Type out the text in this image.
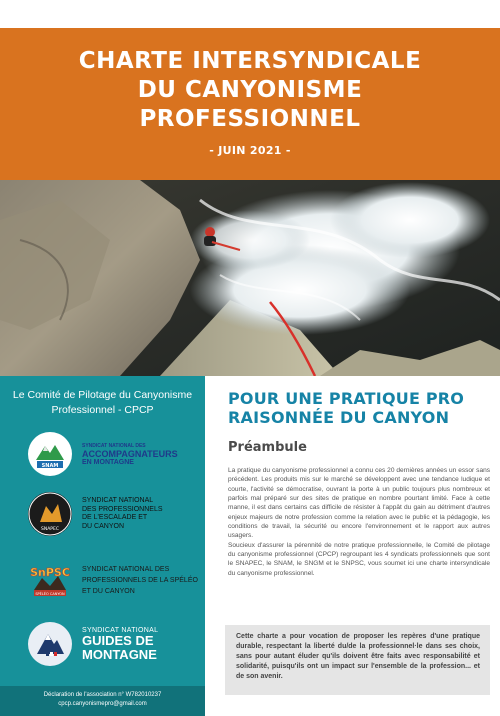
CHARTE INTERSYNDICALE
DU CANYONISME
PROFESSIONNEL
- JUIN 2021 -
Le Comité de Pilotage du Canyonisme
Professionnel - CPCP
SNAM
SYNDICAT NATIONAL DES
ACCOMPAGNATEURS
EN MONTAGNE
SNAPEC
SYNDICAT NATIONAL
DES PROFESSIONNELS
DE L'ESCALADE ET
DU CANYON
SnPSC
SPÉLÉO CANYON
SYNDICAT NATIONAL DES
PROFESSIONNELS DE LA SPÉLÉO
ET DU CANYON
SYNDICAT NATIONAL
GUIDES DE
MONTAGNE
Déclaration de l'association n° W782010237
cpcp.canyonismepro@gmail.com
POUR UNE PRATIQUE PRO
RAISONNÉE DU CANYON
Préambule

La pratique du canyonisme professionnel a connu ces 20 dernières années un essor sans précédent. Les produits mis sur le marché se développent avec une tendance ludique et courte, l'activité se démocratise, ouvrant la porte à un public toujours plus nombreux et parfois mal préparé sur des sites de pratique en nombre pourtant limité. Face à cette manne, il est dans certains cas difficile de résister à l'appât du gain au détriment d'autres enjeux majeurs de notre profession comme la relation avec le public et la pédagogie, les conditions de travail, la sécurité ou encore l'environnement et le rapport aux autres usagers.

Soucieux d'assurer la pérennité de notre pratique professionnelle, le Comité de pilotage du canyonisme professionnel (CPCP) regroupant les 4 syndicats professionnels que sont le SNAPEC, le SNAM, le SNGM et le SNPSC, vous soumet ici une charte intersyndicale du canyonisme professionnel.

Cette charte a pour vocation de proposer les repères d'une pratique durable, respectant la liberté du/de la professionnel·le dans ses choix, sans pour autant éluder qu'ils doivent être faits avec responsabilité et solidarité, puisqu'ils ont un impact sur l'ensemble de la profession... et de son avenir.
